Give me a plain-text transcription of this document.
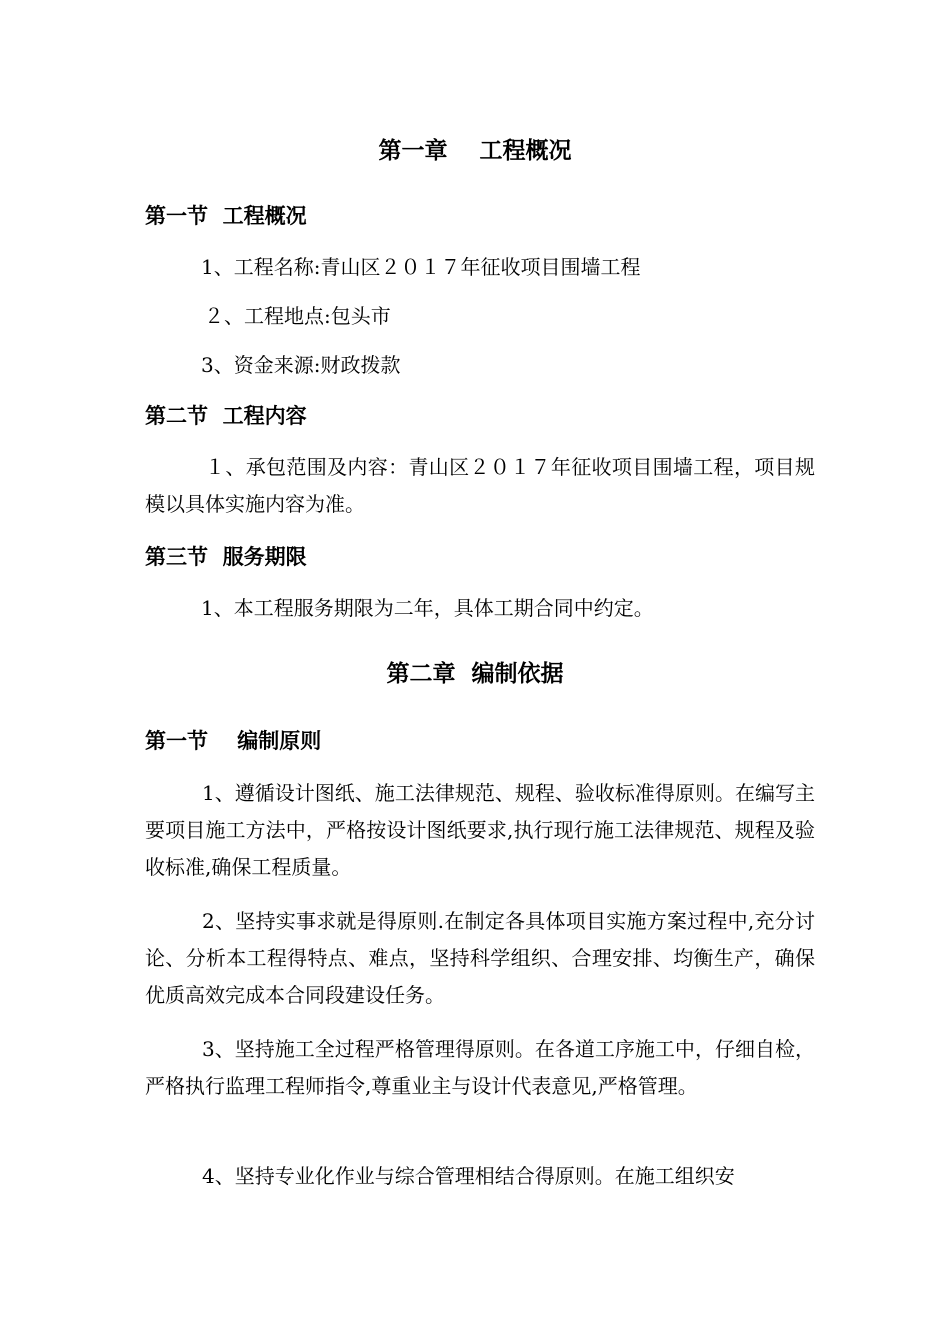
第一章    工程概况
第一节  工程概况
1、工程名称:青山区２０１７年征收项目围墙工程
２、工程地点:包头市
3、资金来源:财政拨款
第二节  工程内容
１、承包范围及内容：青山区２０１７年征收项目围墙工程，项目规模以具体实施内容为准。
第三节  服务期限
1、本工程服务期限为二年，具体工期合同中约定。
第二章  编制依据
第一节    编制原则
1、遵循设计图纸、施工法律规范、规程、验收标准得原则。在编写主要项目施工方法中，严格按设计图纸要求,执行现行施工法律规范、规程及验收标准,确保工程质量。
2、坚持实事求就是得原则.在制定各具体项目实施方案过程中,充分讨论、分析本工程得特点、难点，坚持科学组织、合理安排、均衡生产，确保优质高效完成本合同段建设任务。
3、坚持施工全过程严格管理得原则。在各道工序施工中，仔细自检，严格执行监理工程师指令,尊重业主与设计代表意见,严格管理。
4、坚持专业化作业与综合管理相结合得原则。在施工组织安
